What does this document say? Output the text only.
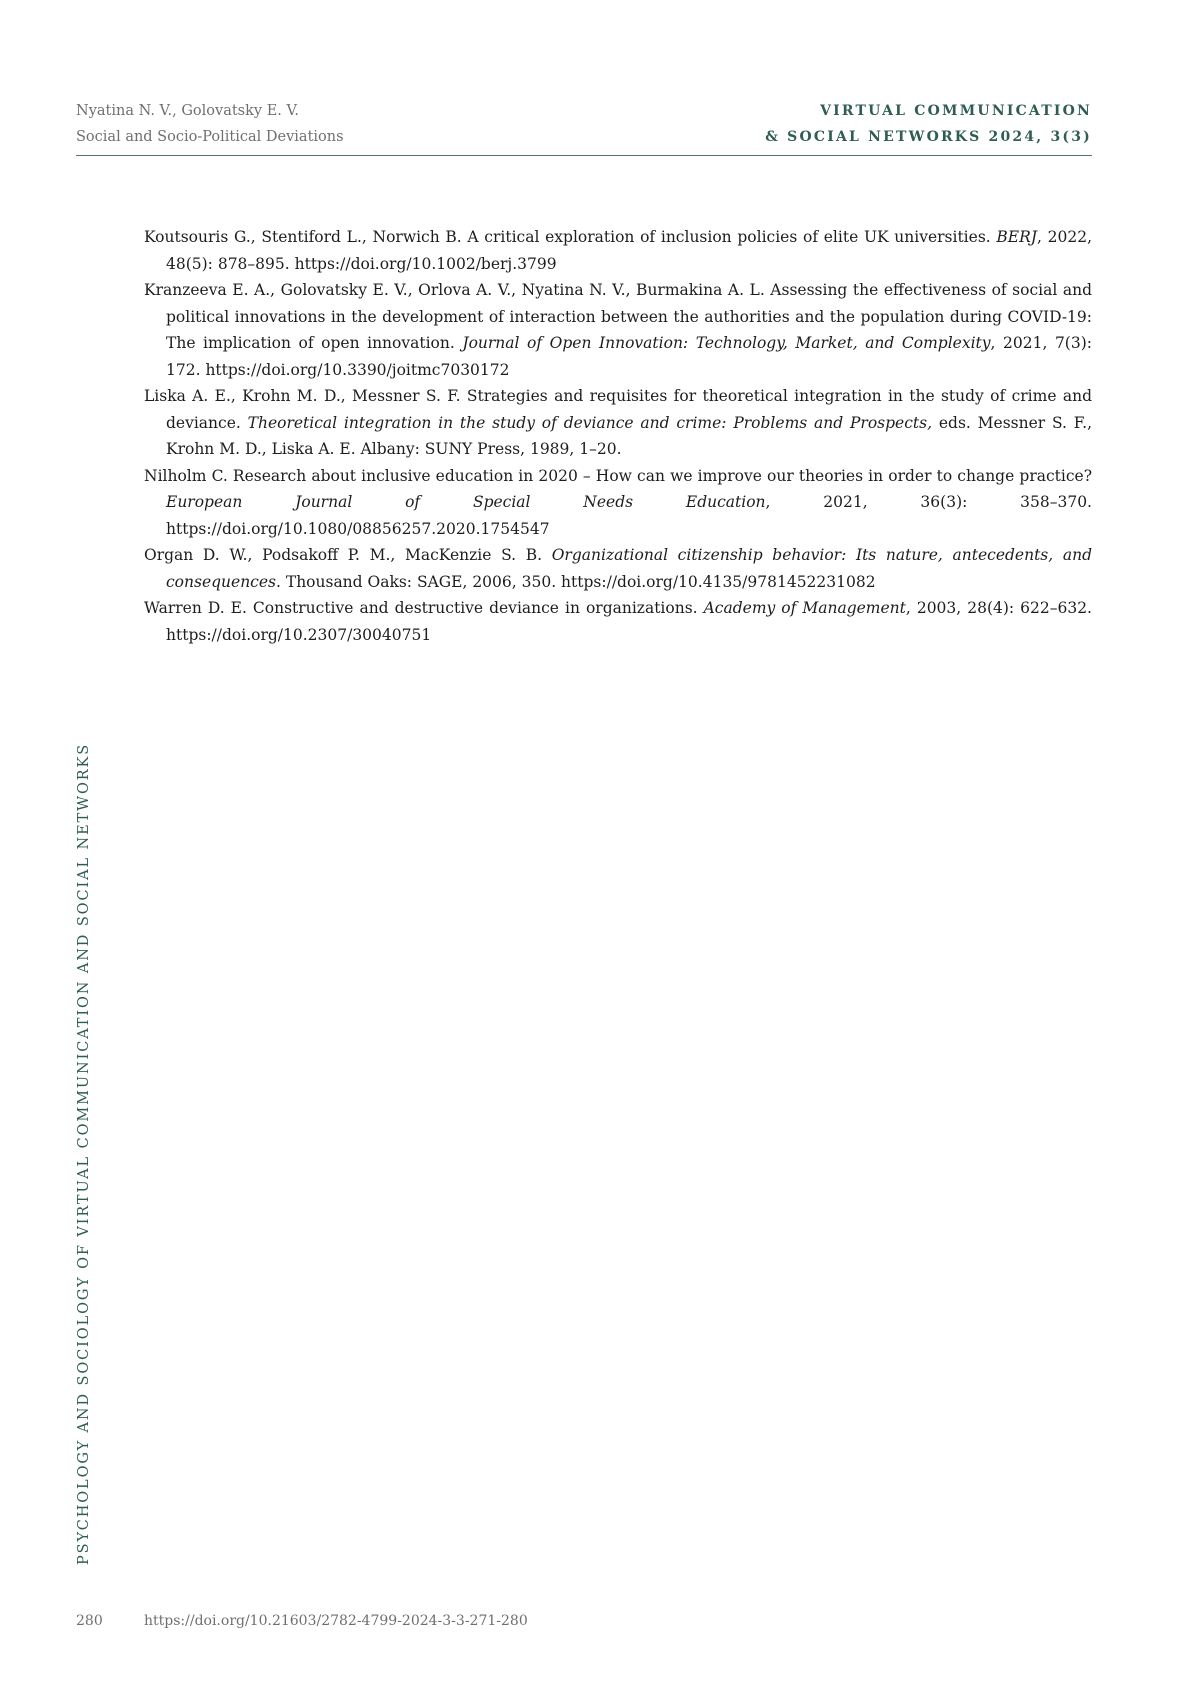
Nyatina N. V., Golovatsky E. V.
Social and Socio-Political Deviations
VIRTUAL COMMUNICATION
& SOCIAL NETWORKS 2024, 3(3)
Koutsouris G., Stentiford L., Norwich B. A critical exploration of inclusion policies of elite UK universities. BERJ, 2022, 48(5): 878–895. https://doi.org/10.1002/berj.3799
Kranzeeva E. A., Golovatsky E. V., Orlova A. V., Nyatina N. V., Burmakina A. L. Assessing the effectiveness of social and political innovations in the development of interaction between the authorities and the population during COVID-19: The implication of open innovation. Journal of Open Innovation: Technology, Market, and Complexity, 2021, 7(3): 172. https://doi.org/10.3390/joitmc7030172
Liska A. E., Krohn M. D., Messner S. F. Strategies and requisites for theoretical integration in the study of crime and deviance. Theoretical integration in the study of deviance and crime: Problems and Prospects, eds. Messner S. F., Krohn M. D., Liska A. E. Albany: SUNY Press, 1989, 1–20.
Nilholm C. Research about inclusive education in 2020 – How can we improve our theories in order to change practice? European Journal of Special Needs Education, 2021, 36(3): 358–370. https://doi.org/10.1080/08856257.2020.1754547
Organ D. W., Podsakoff P. M., MacKenzie S. B. Organizational citizenship behavior: Its nature, antecedents, and consequences. Thousand Oaks: SAGE, 2006, 350. https://doi.org/10.4135/9781452231082
Warren D. E. Constructive and destructive deviance in organizations. Academy of Management, 2003, 28(4): 622–632. https://doi.org/10.2307/30040751
PSYCHOLOGY AND SOCIOLOGY OF VIRTUAL COMMUNICATION AND SOCIAL NETWORKS
280	https://doi.org/10.21603/2782-4799-2024-3-3-271-280
